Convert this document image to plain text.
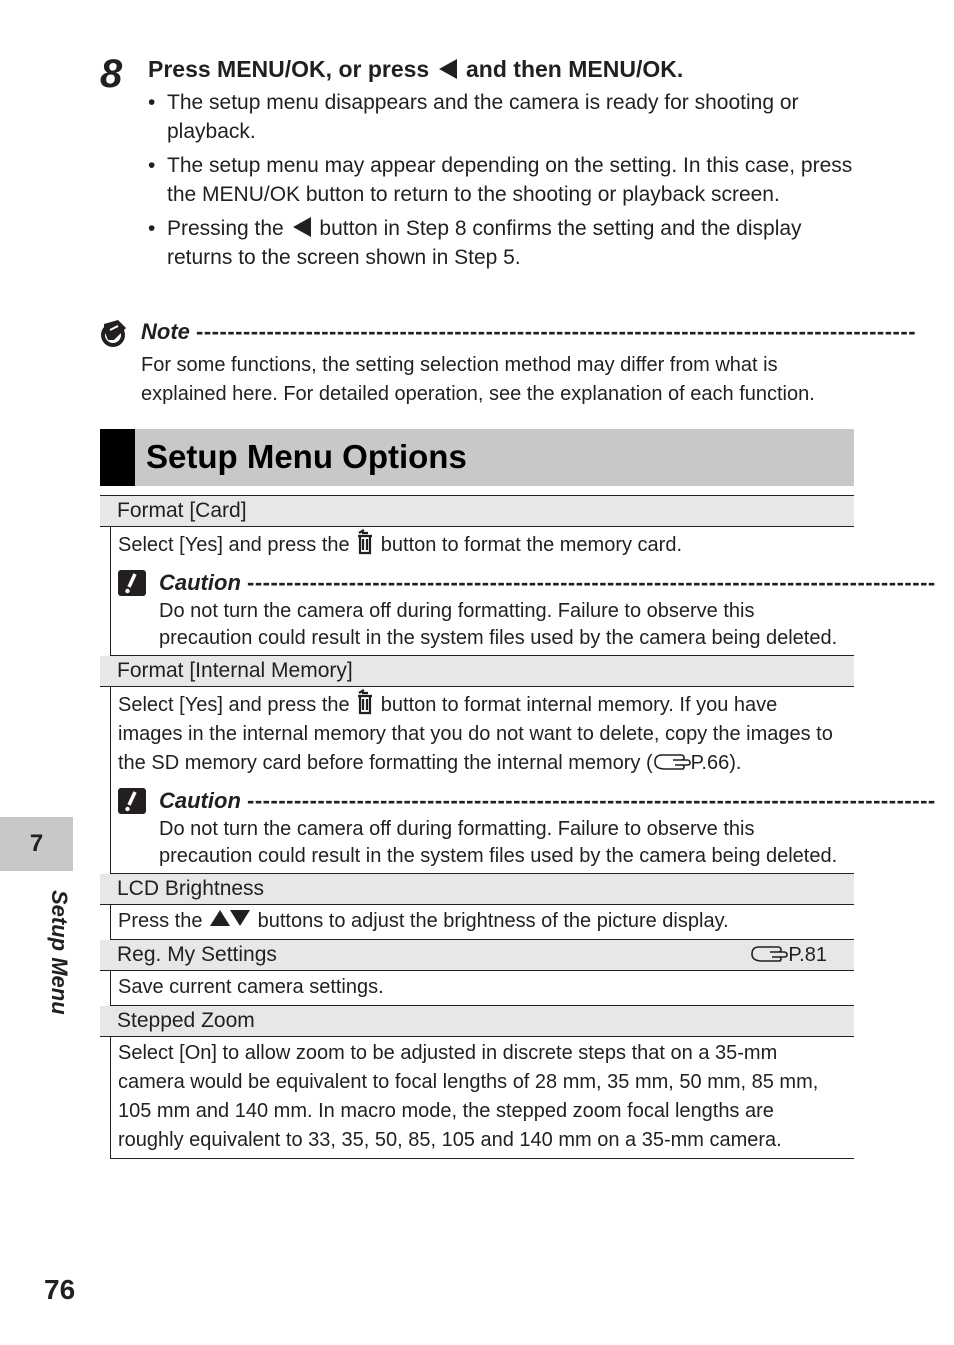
8 Press MENU/OK, or press and then MENU/OK.
• The setup menu disappears and the camera is ready for shooting or playback.
• The setup menu may appear depending on the setting. In this case, press the MENU/OK button to return to the shooting or playback screen.
• Pressing the button in Step 8 confirms the setting and the display returns to the screen shown in Step 5.
Note --------------------------------------------------------------------------------------------
For some functions, the setting selection method may differ from what is explained here. For detailed operation, see the explanation of each function.
Setup Menu Options
Format [Card]
Select [Yes] and press the button to format the memory card.
Caution ----------------------------------------------------------------------------------------
Do not turn the camera off during formatting. Failure to observe this precaution could result in the system files used by the camera being deleted.
Format [Internal Memory]
Select [Yes] and press the button to format internal memory. If you have images in the internal memory that you do not want to delete, copy the images to the SD memory card before formatting the internal memory ( P.66).
Caution ----------------------------------------------------------------------------------------
Do not turn the camera off during formatting. Failure to observe this precaution could result in the system files used by the camera being deleted.
LCD Brightness
Press the	buttons to adjust the brightness of the picture display.
Reg. My Settings	P.81
Save current camera settings.
Stepped Zoom
Select [On] to allow zoom to be adjusted in discrete steps that on a 35-mm camera would be equivalent to focal lengths of 28 mm, 35 mm, 50 mm, 85 mm, 105 mm and 140 mm. In macro mode, the stepped zoom focal lengths are roughly equivalent to 33, 35, 50, 85, 105 and 140 mm on a 35-mm camera.
7
Setup Menu
76
